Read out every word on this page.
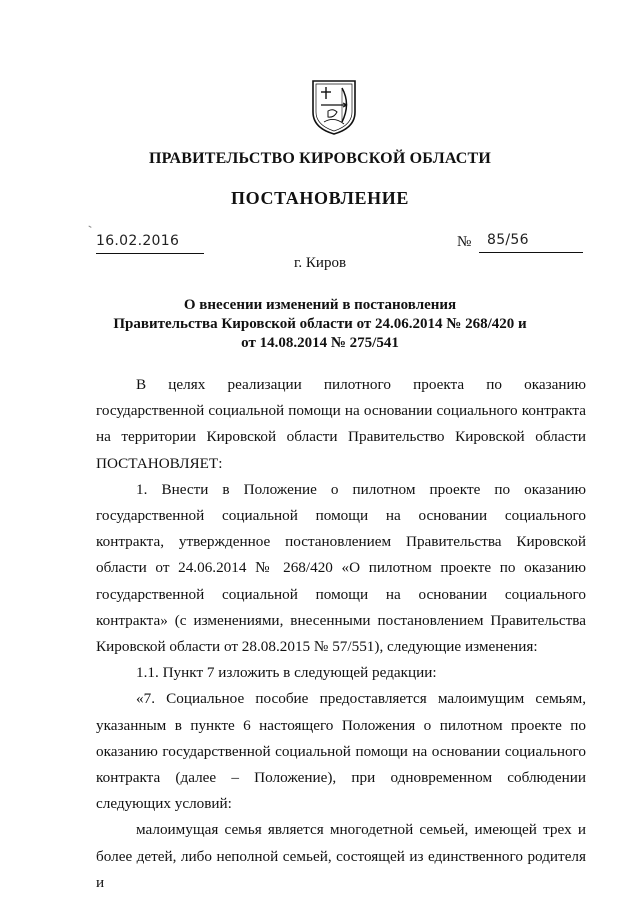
ПРАВИТЕЛЬСТВО КИРОВСКОЙ ОБЛАСТИ
ПОСТАНОВЛЕНИЕ
16.02.2016	№ 85/56
г. Киров
О внесении изменений в постановления
Правительства Кировской области от 24.06.2014 № 268/420 и
от 14.08.2014 № 275/541

В целях реализации пилотного проекта по оказанию государственной социальной помощи на основании социального контракта на территории Кировской области Правительство Кировской области ПОСТАНОВЛЯЕТ:

1. Внести в Положение о пилотном проекте по оказанию государственной социальной помощи на основании социального контракта, утвержденное постановлением Правительства Кировской области от 24.06.2014 № 268/420 «О пилотном проекте по оказанию государственной социальной помощи на основании социального контракта» (с изменениями, внесенными постановлением Правительства Кировской области от 28.08.2015 № 57/551), следующие изменения:

1.1. Пункт 7 изложить в следующей редакции:

«7. Социальное пособие предоставляется малоимущим семьям, указанным в пункте 6 настоящего Положения о пилотном проекте по оказанию государственной социальной помощи на основании социального контракта (далее – Положение), при одновременном соблюдении следующих условий:

малоимущая семья является многодетной семьей, имеющей трех и более детей, либо неполной семьей, состоящей из единственного родителя и
